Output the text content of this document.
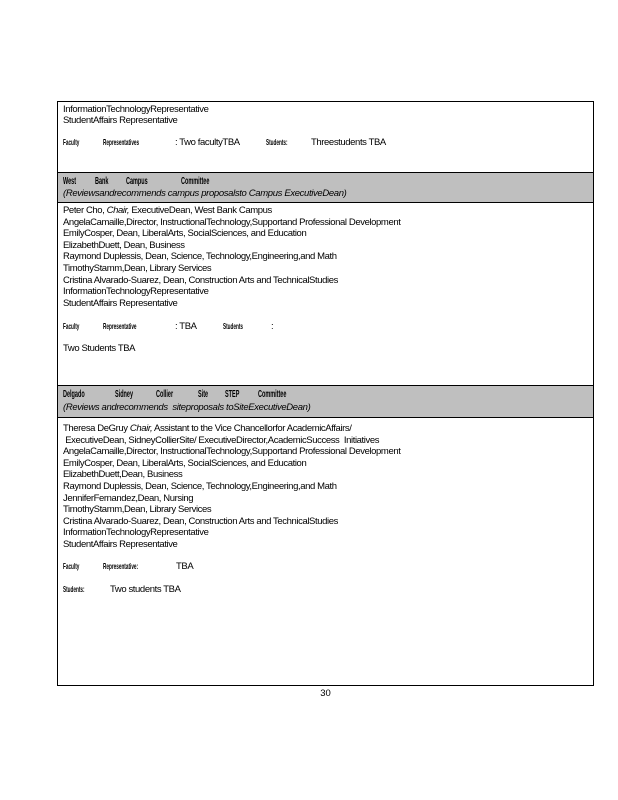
InformationTechnologyRepresentative
StudentAffairs Representative
Faculty	Representatives	: Two facultyTBA	Students: Threestudents TBA
West Bank Campus	Committee
(Reviewsandrecommends campus proposalsto Campus ExecutiveDean)
Peter Cho, Chair, ExecutiveDean, West Bank Campus
AngelaCamaille,Director, InstructionalTechnology,Supportand Professional Development
EmilyCosper, Dean, LiberalArts, SocialSciences, and Education
ElizabethDuett, Dean, Business
Raymond Duplessis, Dean, Science, Technology,Engineering,and Math
TimothyStamm,Dean, Library Services
Cristina Alvarado-Suarez, Dean, Construction Arts and TechnicalStudies
InformationTechnologyRepresentative
StudentAffairs Representative
Faculty	Representative	: TBA	Students	:
Two Students TBA
Delgado	Sidney Collier Site STEP Committee
(Reviews andrecommends  siteproposals toSiteExecutiveDean)
Theresa DeGruy Chair, Assistant to the Vice Chancellorfor AcademicAffairs/
ExecutiveDean, SidneyCollierSite/ ExecutiveDirector,AcademicSuccess  Initiatives
AngelaCamaille,Director, InstructionalTechnology,Supportand Professional Development
EmilyCosper, Dean, LiberalArts, SocialSciences, and Education
ElizabethDuett,Dean, Business
Raymond Duplessis, Dean, Science, Technology,Engineering,and Math
JenniferFernandez,Dean, Nursing
TimothyStamm,Dean, Library Services
Cristina Alvarado-Suarez, Dean, Construction Arts and TechnicalStudies
InformationTechnologyRepresentative
StudentAffairs Representative
Faculty	Representative:	TBA
Students:	Two students TBA
30
